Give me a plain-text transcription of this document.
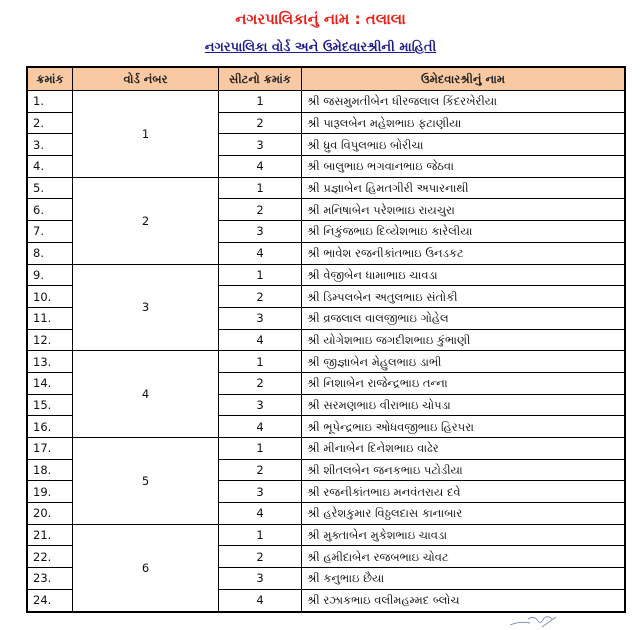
નગરપાલિકાનું નામ : તલાલા
નગરપાલિકા વોર્ડ અને ઉમેદવારશ્રીની માહિતી
ક્રમાંક	વોર્ડ નંબર	સીટનો ક્રમાંક	ઉમેદવારશ્રીનું નામ
1.	1	1	શ્રી જસમુમતીબેન ધીરજલાલ કિંદરખેરીયા
2.		2	શ્રી પારૂલબેન મહેશભાઇ ફટાણીયા
3.		3	શ્રી ધ્રુવ વિપુલભાઇ બોરીચા
4.		4	શ્રી બાલુભાઇ ભગવાનભાઇ જેઠવા
5.	2	1	શ્રી પ્રજ્ઞાબેન હિમતગીરી અપારનાથી
6.		2	શ્રી મનિષાબેન પરેશભાઇ રાયચુરા
7.		3	શ્રી નિકુંજભાઇ દિવ્યેશભાઇ કારેલીયા
8.		4	શ્રી ભાવેશ રજનીકાંતભાઇ ઉનડકટ
9.	3	1	શ્રી વેજીબેન ધામાભાઇ ચાવડા
10.		2	શ્રી ડિમ્પલબેન અતુલભાઇ સંતોકી
11.		3	શ્રી વ્રજલાલ વાલજીભાઇ ગોહેલ
12.		4	શ્રી યોગેશભાઇ જગદીશભાઇ કુંભાણી
13.	4	1	શ્રી જીજ્ઞાબેન મેહુલભાઇ ડાભી
14.		2	શ્રી નિશાબેન રાજેન્દ્રભાઇ તન્ના
15.		3	શ્રી સરમણભાઇ વીરાભાઇ ચોપડા
16.		4	શ્રી ભૂપેન્દ્રભાઇ ઓધવજીભાઇ હિરપરા
17.	5	1	શ્રી મીનાબેન દિનેશભાઇ વાઢેર
18.		2	શ્રી શીતલબેન જનકભાઇ પટોડીયા
19.		3	શ્રી રજનીકાંતભાઇ મનવંતરાય દવે
20.		4	શ્રી હરેશકુમાર વિઠ્ઠલદાસ કાનાબાર
21.	6	1	શ્રી મુક્તાબેન મુકેશભાઇ ચાવડા
22.		2	શ્રી હમીદાબેન રજબભાઇ ચોવટ
23.		3	શ્રી કનુભાઇ છૈયા
24.		4	શ્રી રઝાકભાઇ વલીમહમ્મદ બ્લોચ
